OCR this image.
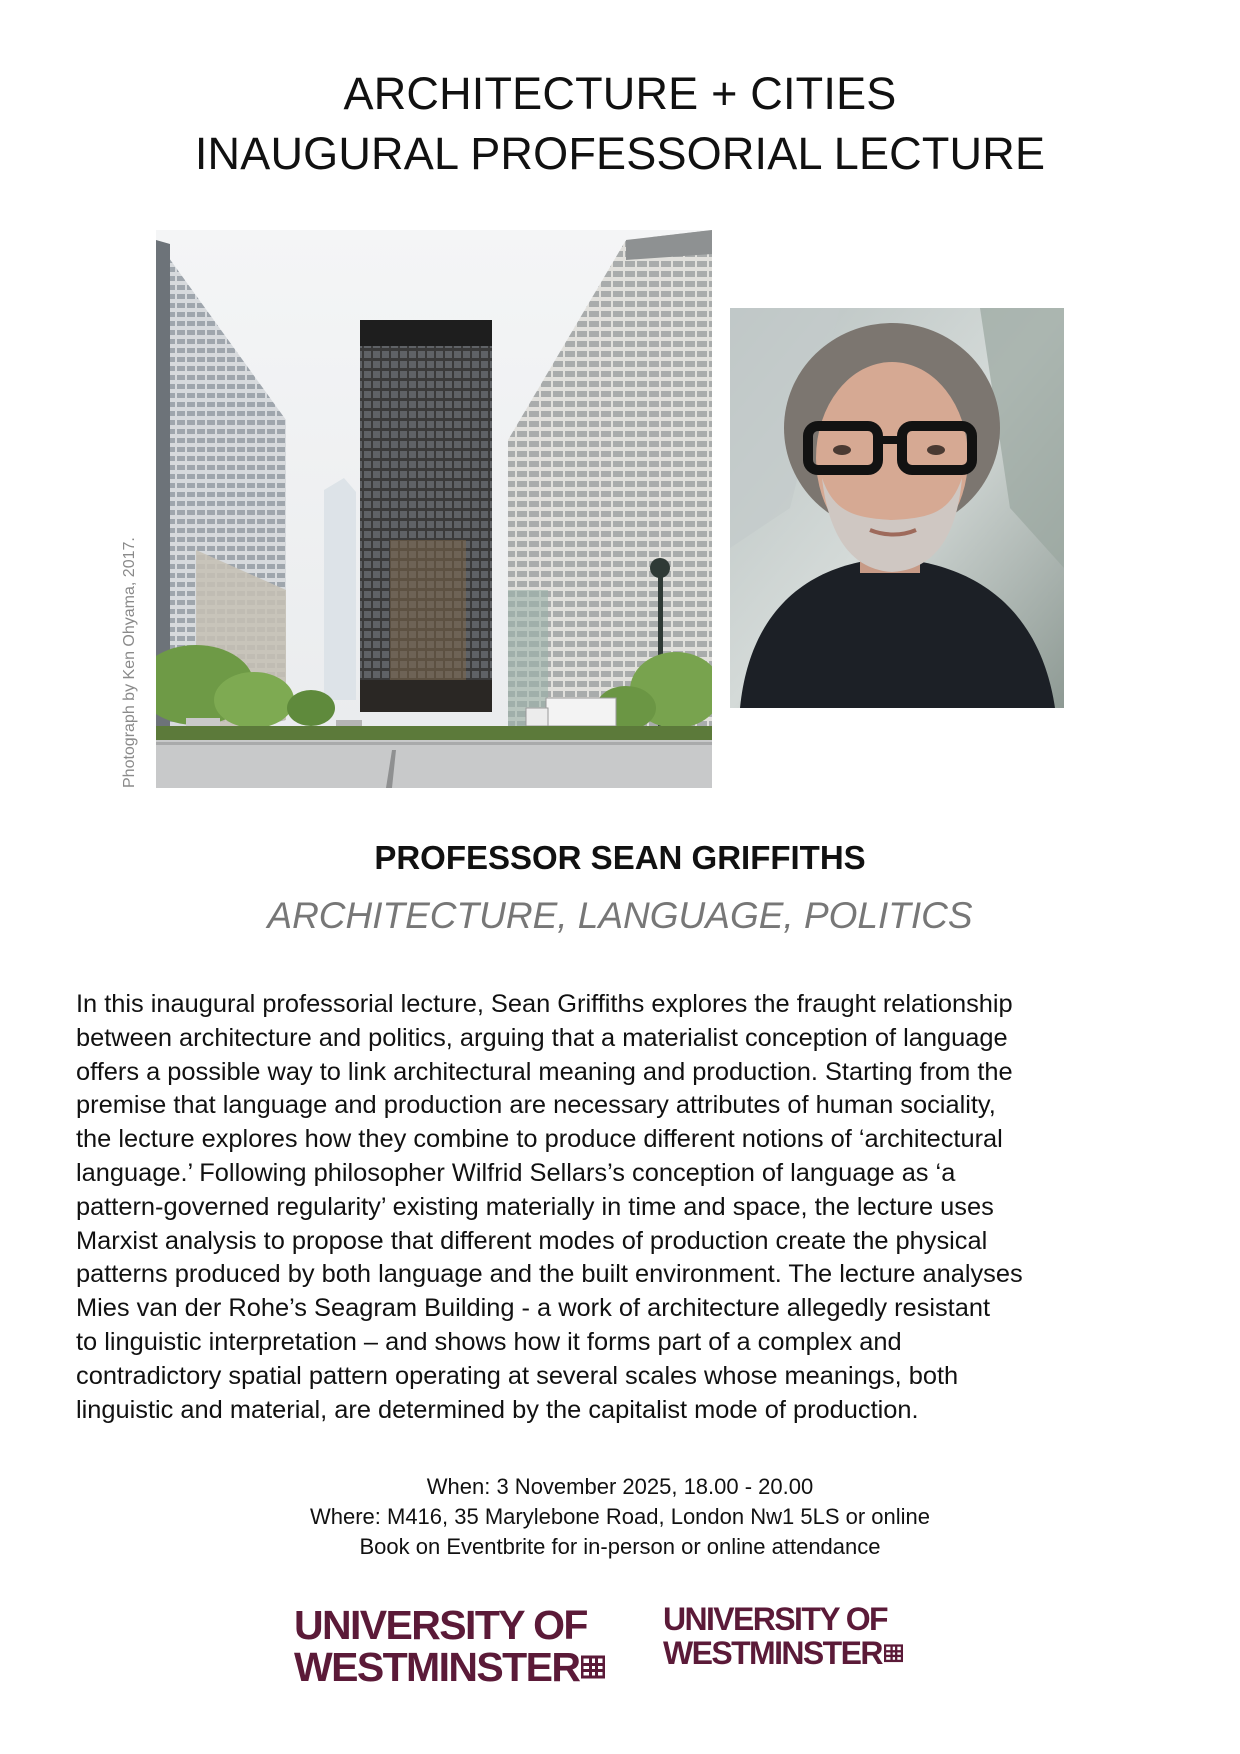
ARCHITECTURE + CITIES
INAUGURAL PROFESSORIAL LECTURE
Photograph by Ken Ohyama, 2017.
PROFESSOR SEAN GRIFFITHS
ARCHITECTURE, LANGUAGE, POLITICS
In this inaugural professorial lecture, Sean Griffiths explores the fraught relationship
between architecture and politics, arguing that a materialist conception of language
offers a possible way to link architectural meaning and production. Starting from the
premise that language and production are necessary attributes of human sociality,
the lecture explores how they combine to produce different notions of ‘architectural
language.’ Following philosopher Wilfrid Sellars’s conception of language as ‘a
pattern-governed regularity’ existing materially in time and space, the lecture uses
Marxist analysis to propose that different modes of production create the physical
patterns produced by both language and the built environment. The lecture analyses
Mies van der Rohe’s Seagram Building - a work of architecture allegedly resistant
to linguistic interpretation – and shows how it forms part of a complex and
contradictory spatial pattern operating at several scales whose meanings, both
linguistic and material, are determined by the capitalist mode of production.
When: 3 November 2025, 18.00 - 20.00
Where: M416, 35 Marylebone Road, London Nw1 5LS or online
Book on Eventbrite for in-person or online attendance
UNIVERSITY OF
WESTMINSTER
UNIVERSITY OF
WESTMINSTER
